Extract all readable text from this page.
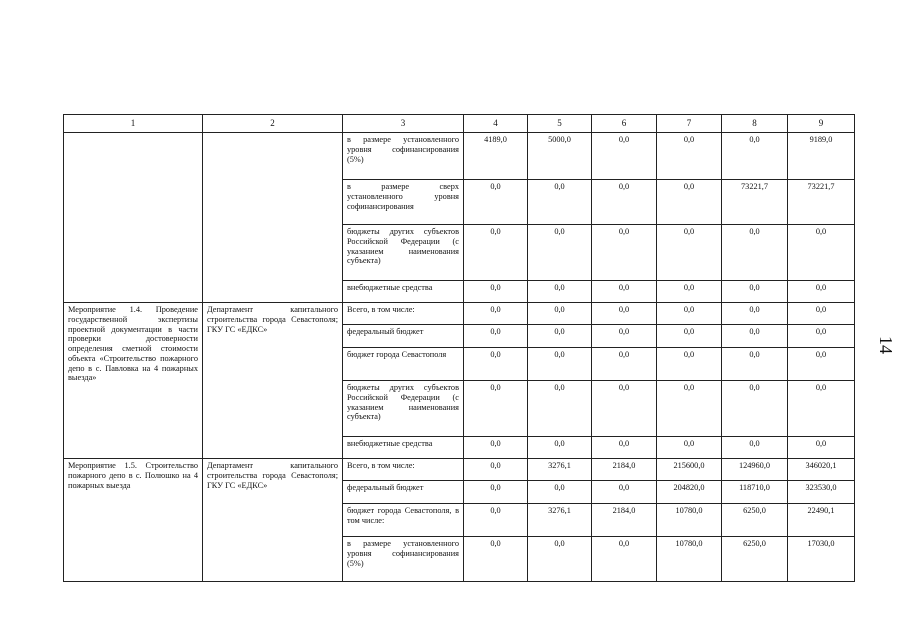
14
1	2	3	4	5	6	7	8	9
		в размере установленного уровня софинансирования (5%)	4189,0	5000,0	0,0	0,0	0,0	9189,0
		в размере сверх установленного уровня софинансирования	0,0	0,0	0,0	0,0	73221,7	73221,7
		бюджеты других субъектов Российской Федерации (с указанием наименования субъекта)	0,0	0,0	0,0	0,0	0,0	0,0
		внебюджетные средства	0,0	0,0	0,0	0,0	0,0	0,0
Мероприятие 1.4. Проведение государственной экспертизы проектной документации в части проверки достоверности определения сметной стоимости объекта «Строительство пожарного депо в с. Павловка на 4 пожарных выезда»	Департамент капитального строительства города Севастополя; ГКУ ГС «ЕДКС»	Всего, в том числе:	0,0	0,0	0,0	0,0	0,0	0,0
		федеральный бюджет	0,0	0,0	0,0	0,0	0,0	0,0
		бюджет города Севастополя	0,0	0,0	0,0	0,0	0,0	0,0
		бюджеты других субъектов Российской Федерации (с указанием наименования субъекта)	0,0	0,0	0,0	0,0	0,0	0,0
		внебюджетные средства	0,0	0,0	0,0	0,0	0,0	0,0
Мероприятие 1.5. Строительство пожарного депо в с. Полюшко на 4 пожарных выезда	Департамент капитального строительства города Севастополя; ГКУ ГС «ЕДКС»	Всего, в том числе:	0,0	3276,1	2184,0	215600,0	124960,0	346020,1
		федеральный бюджет	0,0	0,0	0,0	204820,0	118710,0	323530,0
		бюджет города Севастополя, в том числе:	0,0	3276,1	2184,0	10780,0	6250,0	22490,1
		в размере установленного уровня софинансирования (5%)	0,0	0,0	0,0	10780,0	6250,0	17030,0
